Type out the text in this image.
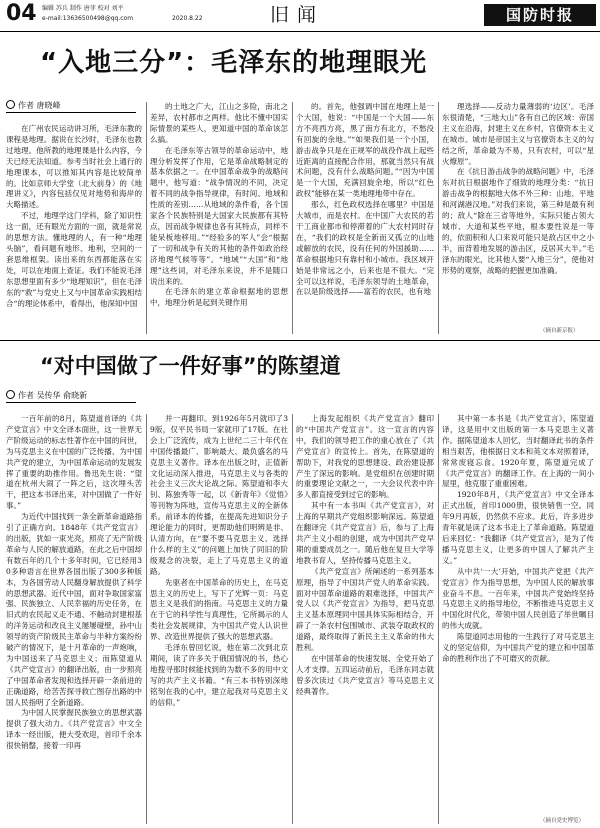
04 编辑 苏兵 制作 唐菲 校对 刘平
e-mail:13636500498@qq.com	2020.8.22	旧闻	国防时报
“入地三分”：毛泽东的地理眼光
作者 唐晓峰

在广州农民运动讲习所，毛泽东教的课程是地理。据说在长沙时，毛泽东也教过地理。他所教的地理课是什么内容，今天已经无法知道。参考当时社会上通行的地理课本，可以推知其内容是比较简单的。比如京师大学堂（北大前身）的《地理讲义》，内容包括仅见对地势和海岸的大略描述。

不过，地理学这门学科，除了知识性这一面，还有眼光方面的一面，就是常说的思想方法。懂地理的人，有一种“地理头脑”，看问题有地形、地利，空间的一套思维框架。读出来的东西都能落在实处，可以在地面上查证。我们不能说毛泽东思想里面有多少“地理知识”，但在毛泽东的“救”与党史上又与中国革命实践相结合“的理论体系中，看得出，他深知中国

的土地之广大，江山之多险，南北之差异，农村都市之两样。他比不懂中国实际情景的某些人，更知道中国的革命该怎么搞。

在毛泽东等古领导的革命运动中，地理分析发挥了作用，它是革命战略制定的基本依据之一。在中国革命战争的战略问题中，他写道：“战争情况的不同，决定着不同的战争指导规律，有时间、地域和性质的差别……从地域的条件看，各个国家各个民族特别是大国家大民族都有其特点，因而战争规律也各有其特点，同样不能呆板地移用。”“经验多的军人”会“根据了一切和战争有关的其他的条件如政治经济地理气候等等”。“地域”“大国”和“地理”这些词，对毛泽东来说，并不是随口说出来的。

在毛泽东的建立革命根据地的思想中，地理分析是起到关键作用

的。首先，他强调中国在地理上是一个大国，他说：“中国是一个大国——东方不亮西方亮，黑了南方有北方，不愁没有回旋的余地。”“如果我们是一个小国，游击战争只是在正规军的战役作战上起些近距离的直接配合作用，那就当然只有战术问题，没有什么战略问题。”“因为中国是一个大国，充满回旋余地，所以“红色政权”能够在某一类地理地带中存在。

那么，红色政权选择在哪里？中国是大城市，而是农村。在中国广大农民的若干工商业都市和停滞着的广大农村同时存在，“我们的政权是全新而又孤立的山地或解放的农民，没有任何的外国援助……革命根据地只有靠村和小城市。我区域开始是非常远之小，后来也是不很大。“完全可以这样说，毛泽东领导的土地革命，在以是阶级选择——富若的农民，也有地

理选择——反动力量薄弱的‘边区’。毛泽东很清楚，“三地大山”各有自己的区域：帝国主义在沿海，封建主义在乡村，官僚资本主义在城市。城市是帝国主义与官僚资本主义的勾结之所，革命最为不易，只有农村，可以“星火燎原”。

在《抗日游击战争的战略问题》中，毛泽东对抗日根据地作了细致的地理分类：“抗日游击战争的根据地大体不外三种：山地、平地和河湖港汉地。”对我们来说，第三种是最有利的；敌人“除在三省等地外，实际只能占领大城市、大道和某些平地，根本要性说是一等的，依面积和人口来说可能只是敌占区中之小半，而背着地发展的游击区，反居其大半。”毛泽东的眼光，比其他人要“入地三分”，使他对形势的观察，战略的把握更加准确。

（摘自新京报）
“对中国做了一件好事”的陈望道
作者 吴传华 俞晓新

一百年前的8月，陈望道首译的《共产党宣言》中文全译本面世，这一世界无产阶级运动的标志性著作在中国的问世，为马克思主义在中国的广泛传播、为中国共产党的建立，为中国革命运动的发展发挥了重要的助推作用。鲁迅先生说：“望道在杭州大闹了一阵之后，这次埋头苦干，把这本书译出来，对中国做了一件好事。”

为近代中国找到一条全新革命道路指引了正确方向。1848年《共产党宣言》的出版，犹如一束光亮，照亮了无产阶级革命与人民的解放道路，在此之后中国却有数百年的几个十多年时间，它已经用30多种语言在世界各国出版了300多种版本，为各国劳动人民翻身解放提供了科学的思想武器。近代中国，面对争取国家富强、民族独立、人民幸福的历史任务，在旧式的农民起义走不通、不触动封建根基的洋务运动和改良主义屡屡碰壁，孙中山领导的资产阶级民主革命与半种方案纷纷破产的情况下，是十月革命的一声炮响，为中国送来了马克思主义；而陈望道从《共产党宣言》的翻译出版，由一步照亮了中国革命者发现和选择开辟一条前进的正确道路，给苦苦探寻救亡图存出路的中国人民指明了全新道路。

为中国人民掌握民族独立的思想武器提供了强大动力。《共产党宣言》中文全译本一经出版，便大受欢迎，首印千余本很快销罄，接着一印再

并一再翻印。到1926年5月就印了39版，仅平民书局一家就印了17版。在社会上广泛流传，成为上世纪二三十年代在中国传播最广、影响最大、最负盛名的马克思主义著作。译本在出版之时，正值新文化运动深入推进，马克思主义与各类的社会主义三次大论战之际。陈望道和李大钊、陈独秀等一起，以《新青年》《觉悟》等刊物为阵地，宣传马克思主义的全新体系。前译本的传播，在提高先进知识分子理论能力的同时，更帮助他们明辨是非、认清方向，在“要不要马克思主义、选择什么样的主义”的问题上加快了同旧的阶级观念的决裂，走上了马克思主义的道路。

先驱者在中国革命的历史上，在马克思主义的历史上，写下了光辉一页：马克思主义是我们的指南。马克思主义的力量在于它的科学性与真理性，它所揭示的人类社会发展规律，为中国共产党人认识世界、改造世界提供了强大的思想武器。

毛泽东曾回忆说，他在第二次到北京期间，读了许多关于俄国情况的书，热心地搜寻那时候能找到的为数不多的用中文写的共产主义书籍。“有三本书特别深地铭刻在我的心中，建立起我对马克思主义的信仰。”

上海发起组织《共产党宣言》翻印的“中国共产党宣言”。这一宣言的内容中，我们的领导把工作的重心放在了《共产党宣言》的宣传上。首先，在陈望道的帮助下，对我党的思想建设、政治建设都产生了深远的影响。是党组织在创建时期的重要理论文献之一，一大会议代表中许多人都直接受到过它的影响。

其中有一本书叫《共产党宣言》，对上海的早期共产党组织影响深远。陈望道在翻译完《共产党宣言》后，参与了上海共产主义小组的创建，成为中国共产党早期的重要成员之一。随后他在复旦大学等地教书育人，坚持传播马克思主义。

《共产党宣言》所阐述的一系列基本原理，指导了中国共产党人的革命实践。面对中国革命道路的艰难选择，中国共产党人以《共产党宣言》为指导，把马克思主义基本原理同中国具体实际相结合，开辟了一条农村包围城市、武装夺取政权的道路，最终取得了新民主主义革命的伟大胜利。

在中国革命的快速发展、全党开始了人才支撑。五四运动前后，毛泽东同志就曾多次读过《共产党宣言》等马克思主义经典著作。

其中第一本书是《共产党宣言》，陈望道译，这是用中文出版的第一本马克思主义著作。据陈望道本人回忆，当时翻译此书的条件相当艰苦，他根据日文本和英文本对照着译，常常废寝忘食。1920年夏，陈望道完成了《共产党宣言》的翻译工作。在上海的一间小屋里，他克服了重重困难。

1920年8月，《共产党宣言》中文全译本正式出版，首印1000册，很快销售一空。同年9月再版，仍然供不应求。此后，许多进步青年就是读了这本书走上了革命道路。陈望道后来回忆：“我翻译《共产党宣言》，是为了传播马克思主义，让更多的中国人了解共产主义。”

从中共‘一大’开始，中国共产党把《共产党宣言》作为指导思想，为中国人民的解放事业奋斗不息。一百年来，中国共产党始终坚持马克思主义的指导地位，不断推进马克思主义中国化时代化，带领中国人民创造了举世瞩目的伟大成就。

陈望道同志用他的一生践行了对马克思主义的坚定信仰，为中国共产党的建立和中国革命的胜利作出了不可磨灭的贡献。

（摘自党史博览）
